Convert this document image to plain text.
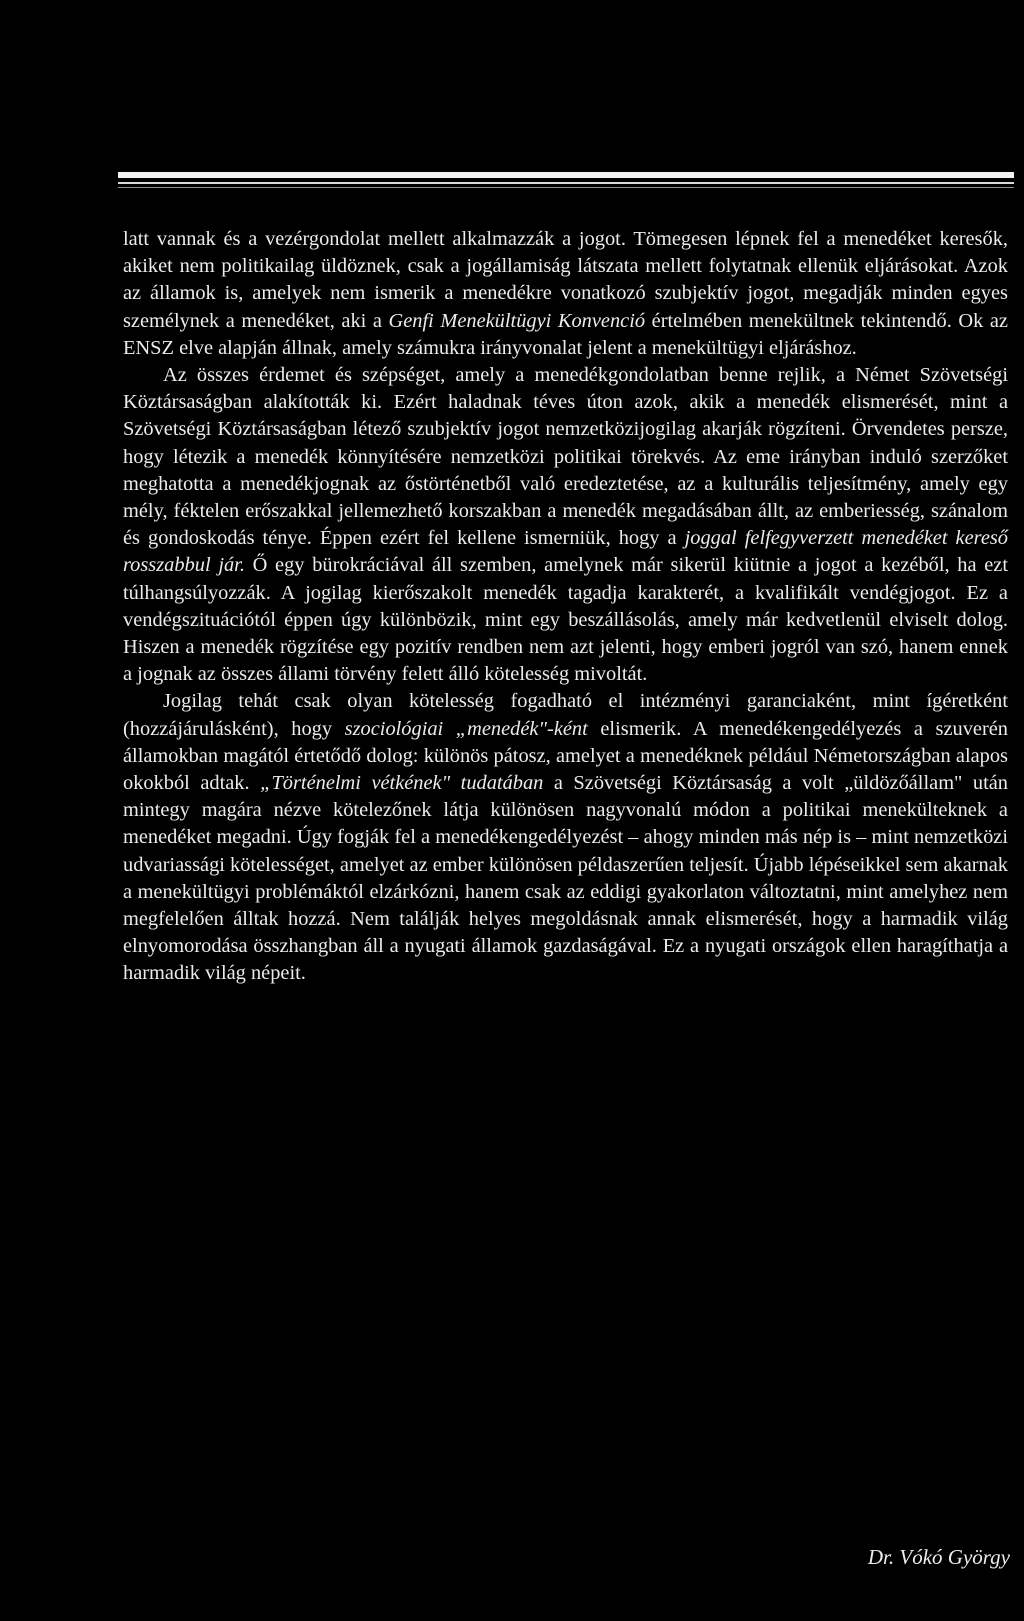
latt vannak és a vezérgondolat mellett alkalmazzák a jogot. Tömegesen lépnek fel a menedéket keresők, akiket nem politikailag üldöznek, csak a jogállamiság látszata mellett folytatnak ellenük eljárásokat. Azok az államok is, amelyek nem ismerik a menedékre vonatkozó szubjektív jogot, megadják minden egyes személynek a menedéket, aki a Genfi Menekültügyi Konvenció értelmében menekültnek tekintendő. Ok az ENSZ elve alapján állnak, amely számukra irányvonalat jelent a menekültügyi eljáráshoz.

Az összes érdemet és szépséget, amely a menedékgondolatban benne rejlik, a Német Szövetségi Köztársaságban alakították ki. Ezért haladnak téves úton azok, akik a menedék elismerését, mint a Szövetségi Köztársaságban létező szubjektív jogot nemzetközijogilag akarják rögzíteni. Örvendetes persze, hogy létezik a menedék könnyítésére nemzetközi politikai törekvés. Az eme irányban induló szerzőket meghatotta a menedékjognak az őstörténetből való eredeztetése, az a kulturális teljesítmény, amely egy mély, féktelen erőszakkal jellemezhető korszakban a menedék megadásában állt, az emberiesség, szánalom és gondoskodás ténye. Éppen ezért fel kellene ismerniük, hogy a joggal felfegyverzett menedéket kereső rosszabbul jár. Ő egy bürokráciával áll szemben, amelynek már sikerül kiütnie a jogot a kezéből, ha ezt túlhangsúlyozzák. A jogilag kierőszakolt menedék tagadja karakterét, a kvalifikált vendégjogot. Ez a vendégszituációtól éppen úgy különbözik, mint egy beszállásolás, amely már kedvetlenül elviselt dolog. Hiszen a menedék rögzítése egy pozitív rendben nem azt jelenti, hogy emberi jogról van szó, hanem ennek a jognak az összes állami törvény felett álló kötelesség mivoltát.

Jogilag tehát csak olyan kötelesség fogadható el intézményi garanciaként, mint ígéretként (hozzájárulásként), hogy szociológiai „menedék"-ként elismerik. A menedékengedélyezés a szuverén államokban magától értetődő dolog: különös pátosz, amelyet a menedéknek például Németországban alapos okokból adtak. „Történelmi vétkének" tudatában a Szövetségi Köztársaság a volt „üldözőállam" után mintegy magára nézve kötelezőnek látja különösen nagyvonalú módon a politikai menekülteknek a menedéket megadni. Úgy fogják fel a menedékengedélyezést – ahogy minden más nép is – mint nemzetközi udvariassági kötelességet, amelyet az ember különösen példaszerűen teljesít. Újabb lépéseikkel sem akarnak a menekültügyi problémáktól elzárkózni, hanem csak az eddigi gyakorlaton változtatni, mint amelyhez nem megfelelően álltak hozzá. Nem találják helyes megoldásnak annak elismerését, hogy a harmadik világ elnyomorodása összhangban áll a nyugati államok gazdaságával. Ez a nyugati országok ellen haragíthatja a harmadik világ népeit.

Dr. Vókó György
